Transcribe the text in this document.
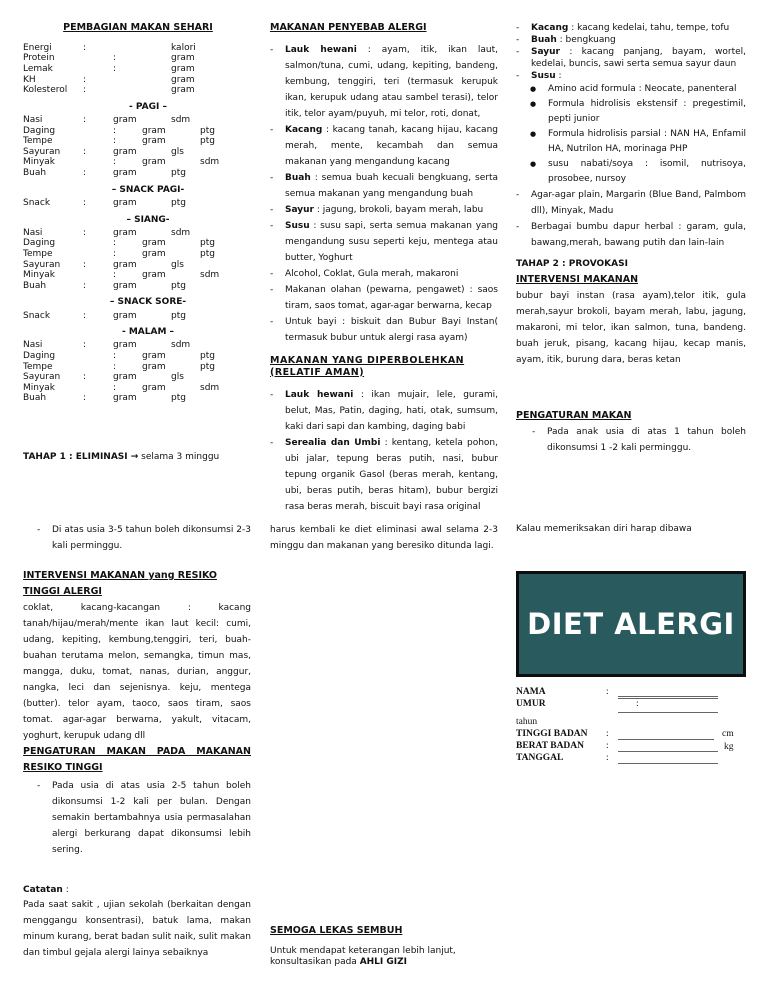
PEMBAGIAN MAKAN SEHARI
Energi	:	kalori
Protein	:	gram
Lemak	:	gram
KH	:	gram
Kolesterol	:	gram
- PAGI –
Nasi	:	gram	sdm
Daging	:	gram	ptg
Tempe	:	gram	ptg
Sayuran	:	gram	gls
Minyak	:	gram	sdm
Buah	:	gram	ptg
– SNACK PAGI-
Snack	:	gram	ptg
– SIANG-
Nasi	:	gram	sdm
Daging	:	gram	ptg
Tempe	:	gram	ptg
Sayuran	:	gram	gls
Minyak	:	gram	sdm
Buah	:	gram	ptg
– SNACK SORE-
Snack	:	gram	ptg
- MALAM –
Nasi	:	gram	sdm
Daging	:	gram	ptg
Tempe	:	gram	ptg
Sayuran	:	gram	gls
Minyak	:	gram	sdm
Buah	:	gram	ptg
TAHAP 1 : ELIMINASI → selama 3 minggu
MAKANAN PENYEBAB ALERGI
- Lauk hewani : ayam, itik, ikan laut, salmon/tuna, cumi, udang, kepiting, bandeng, kembung, tenggiri, teri (termasuk kerupuk ikan, kerupuk udang atau sambel terasi), telor itik, telor ayam/puyuh, mi telor, roti, donat,
- Kacang : kacang tanah, kacang hijau, kacang merah, mente, kecambah dan semua makanan yang mengandung kacang
- Buah : semua buah kecuali bengkuang, serta semua makanan yang mengandung buah
- Sayur : jagung, brokoli, bayam merah, labu
- Susu : susu sapi, serta semua makanan yang mengandung susu seperti keju, mentega atau butter, Yoghurt
- Alcohol, Coklat, Gula merah, makaroni
- Makanan olahan (pewarna, pengawet) : saos tiram, saos tomat, agar-agar berwarna, kecap
- Untuk bayi : biskuit dan Bubur Bayi Instan( termasuk bubur untuk alergi rasa ayam)
MAKANAN YANG DIPERBOLEHKAN (RELATIF AMAN)
- Lauk hewani : ikan mujair, lele, gurami, belut, Mas, Patin, daging, hati, otak, sumsum, kaki dari sapi dan kambing, daging babi
- Serealia dan Umbi : kentang, ketela pohon, ubi jalar, tepung beras putih, nasi, bubur tepung organik Gasol (beras merah, kentang, ubi, beras putih, beras hitam), bubur bergizi rasa beras merah, biscuit bayi rasa original
- Kacang : kacang kedelai, tahu, tempe, tofu
- Buah : bengkuang
- Sayur : kacang panjang, bayam, wortel, kedelai, buncis, sawi serta semua sayur daun
- Susu :
● Amino acid formula : Neocate, panenteral
● Formula hidrolisis ekstensif : pregestimil, pepti junior
● Formula hidrolisis parsial : NAN HA, Enfamil HA, Nutrilon HA, morinaga PHP
● susu nabati/soya : isomil, nutrisoya, prosobee, nursoy
- Agar-agar plain, Margarin (Blue Band, Palmbom dll), Minyak, Madu
- Berbagai bumbu dapur herbal : garam, gula, bawang,merah, bawang putih dan lain-lain
TAHAP 2 : PROVOKASI
INTERVENSI MAKANAN
bubur bayi instan (rasa ayam),telor itik, gula merah,sayur brokoli, bayam merah, labu, jagung, makaroni, mi telor, ikan salmon, tuna, bandeng. buah jeruk, pisang, kacang hijau, kecap manis, ayam, itik, burung dara, beras ketan
PENGATURAN MAKAN
- Pada anak usia di atas 1 tahun boleh dikonsumsi 1 -2 kali perminggu.
- Di atas usia 3-5 tahun boleh dikonsumsi 2-3 kali perminggu.
INTERVENSI MAKANAN yang RESIKO TINGGI ALERGI
coklat, kacang-kacangan : kacang tanah/hijau/merah/mente ikan laut kecil: cumi, udang, kepiting, kembung,tenggiri, teri, buah-buahan terutama melon, semangka, timun mas, mangga, duku, tomat, nanas, durian, anggur, nangka, leci dan sejenisnya. keju, mentega (butter). telor ayam, taoco, saos tiram, saos tomat. agar-agar berwarna, yakult, vitacam, yoghurt, kerupuk udang dll
PENGATURAN MAKAN PADA MAKANAN RESIKO TINGGI
- Pada usia di atas usia 2-5 tahun boleh dikonsumsi 1-2 kali per bulan. Dengan semakin bertambahnya usia permasalahan alergi berkurang dapat dikonsumsi lebih sering.
Catatan :
Pada saat sakit , ujian sekolah (berkaitan dengan menggangu konsentrasi), batuk lama, makan minum kurang, berat badan sulit naik, sulit makan dan timbul gejala alergi lainya sebaiknya
harus kembali ke diet eliminasi awal selama 2-3 minggu dan makanan yang beresiko ditunda lagi.
SEMOGA LEKAS SEMBUH
Untuk mendapat keterangan lebih lanjut,
konsultasikan pada AHLI GIZI
Kalau memeriksakan diri harap dibawa
DIET ALERGI
NAMA	:
UMUR	:
tahun
TINGGI BADAN :	cm
BERAT BADAN :	kg
TANGGAL	:
